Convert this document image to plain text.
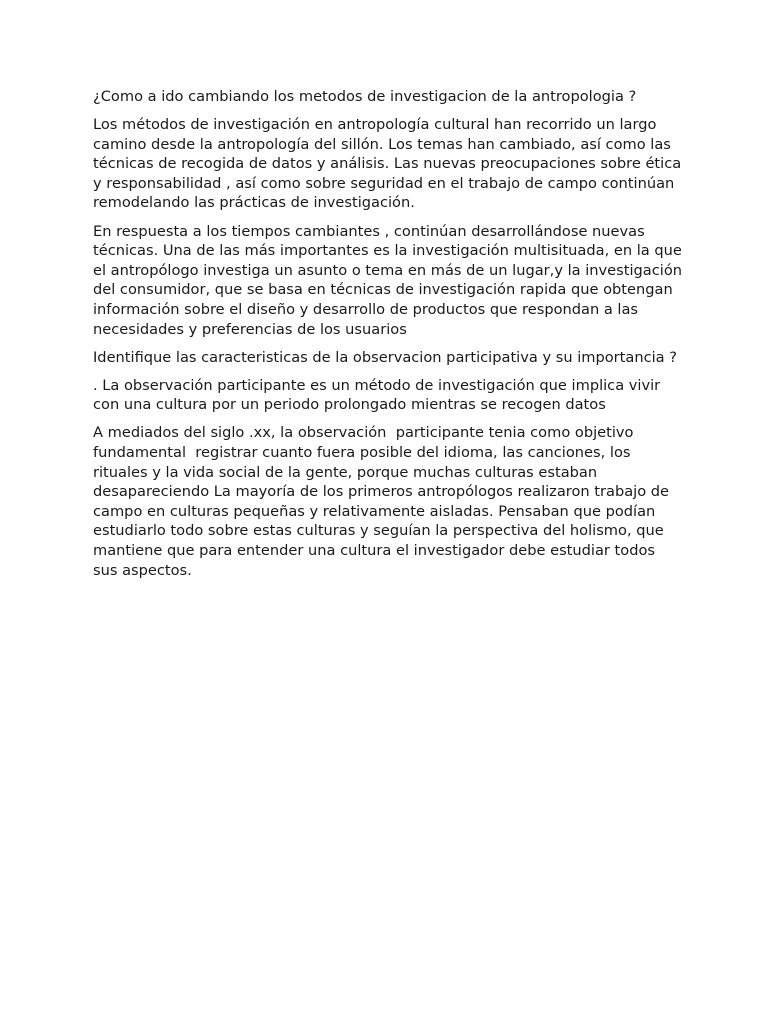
¿Como a ido cambiando los metodos de investigacion de la antropologia ?

Los métodos de investigación en antropología cultural han recorrido un largo camino desde la antropología del sillón. Los temas han cambiado, así como las técnicas de recogida de datos y análisis. Las nuevas preocupaciones sobre ética y responsabilidad , así como sobre seguridad en el trabajo de campo continúan remodelando las prácticas de investigación.

En respuesta a los tiempos cambiantes , continúan desarrollándose nuevas técnicas. Una de las más importantes es la investigación multisituada, en la que el antropólogo investiga un asunto o tema en más de un lugar,y la investigación del consumidor, que se basa en técnicas de investigación rapida que obtengan información sobre el diseño y desarrollo de productos que respondan a las necesidades y preferencias de los usuarios

Identifique las caracteristicas de la observacion participativa y su importancia ?

. La observación participante es un método de investigación que implica vivir con una cultura por un periodo prolongado mientras se recogen datos

A mediados del siglo .xx, la observación  participante tenia como objetivo fundamental  registrar cuanto fuera posible del idioma, las canciones, los rituales y la vida social de la gente, porque muchas culturas estaban desapareciendo La mayoría de los primeros antropólogos realizaron trabajo de campo en culturas pequeñas y relativamente aisladas. Pensaban que podían estudiarlo todo sobre estas culturas y seguían la perspectiva del holismo, que mantiene que para entender una cultura el investigador debe estudiar todos sus aspectos.
